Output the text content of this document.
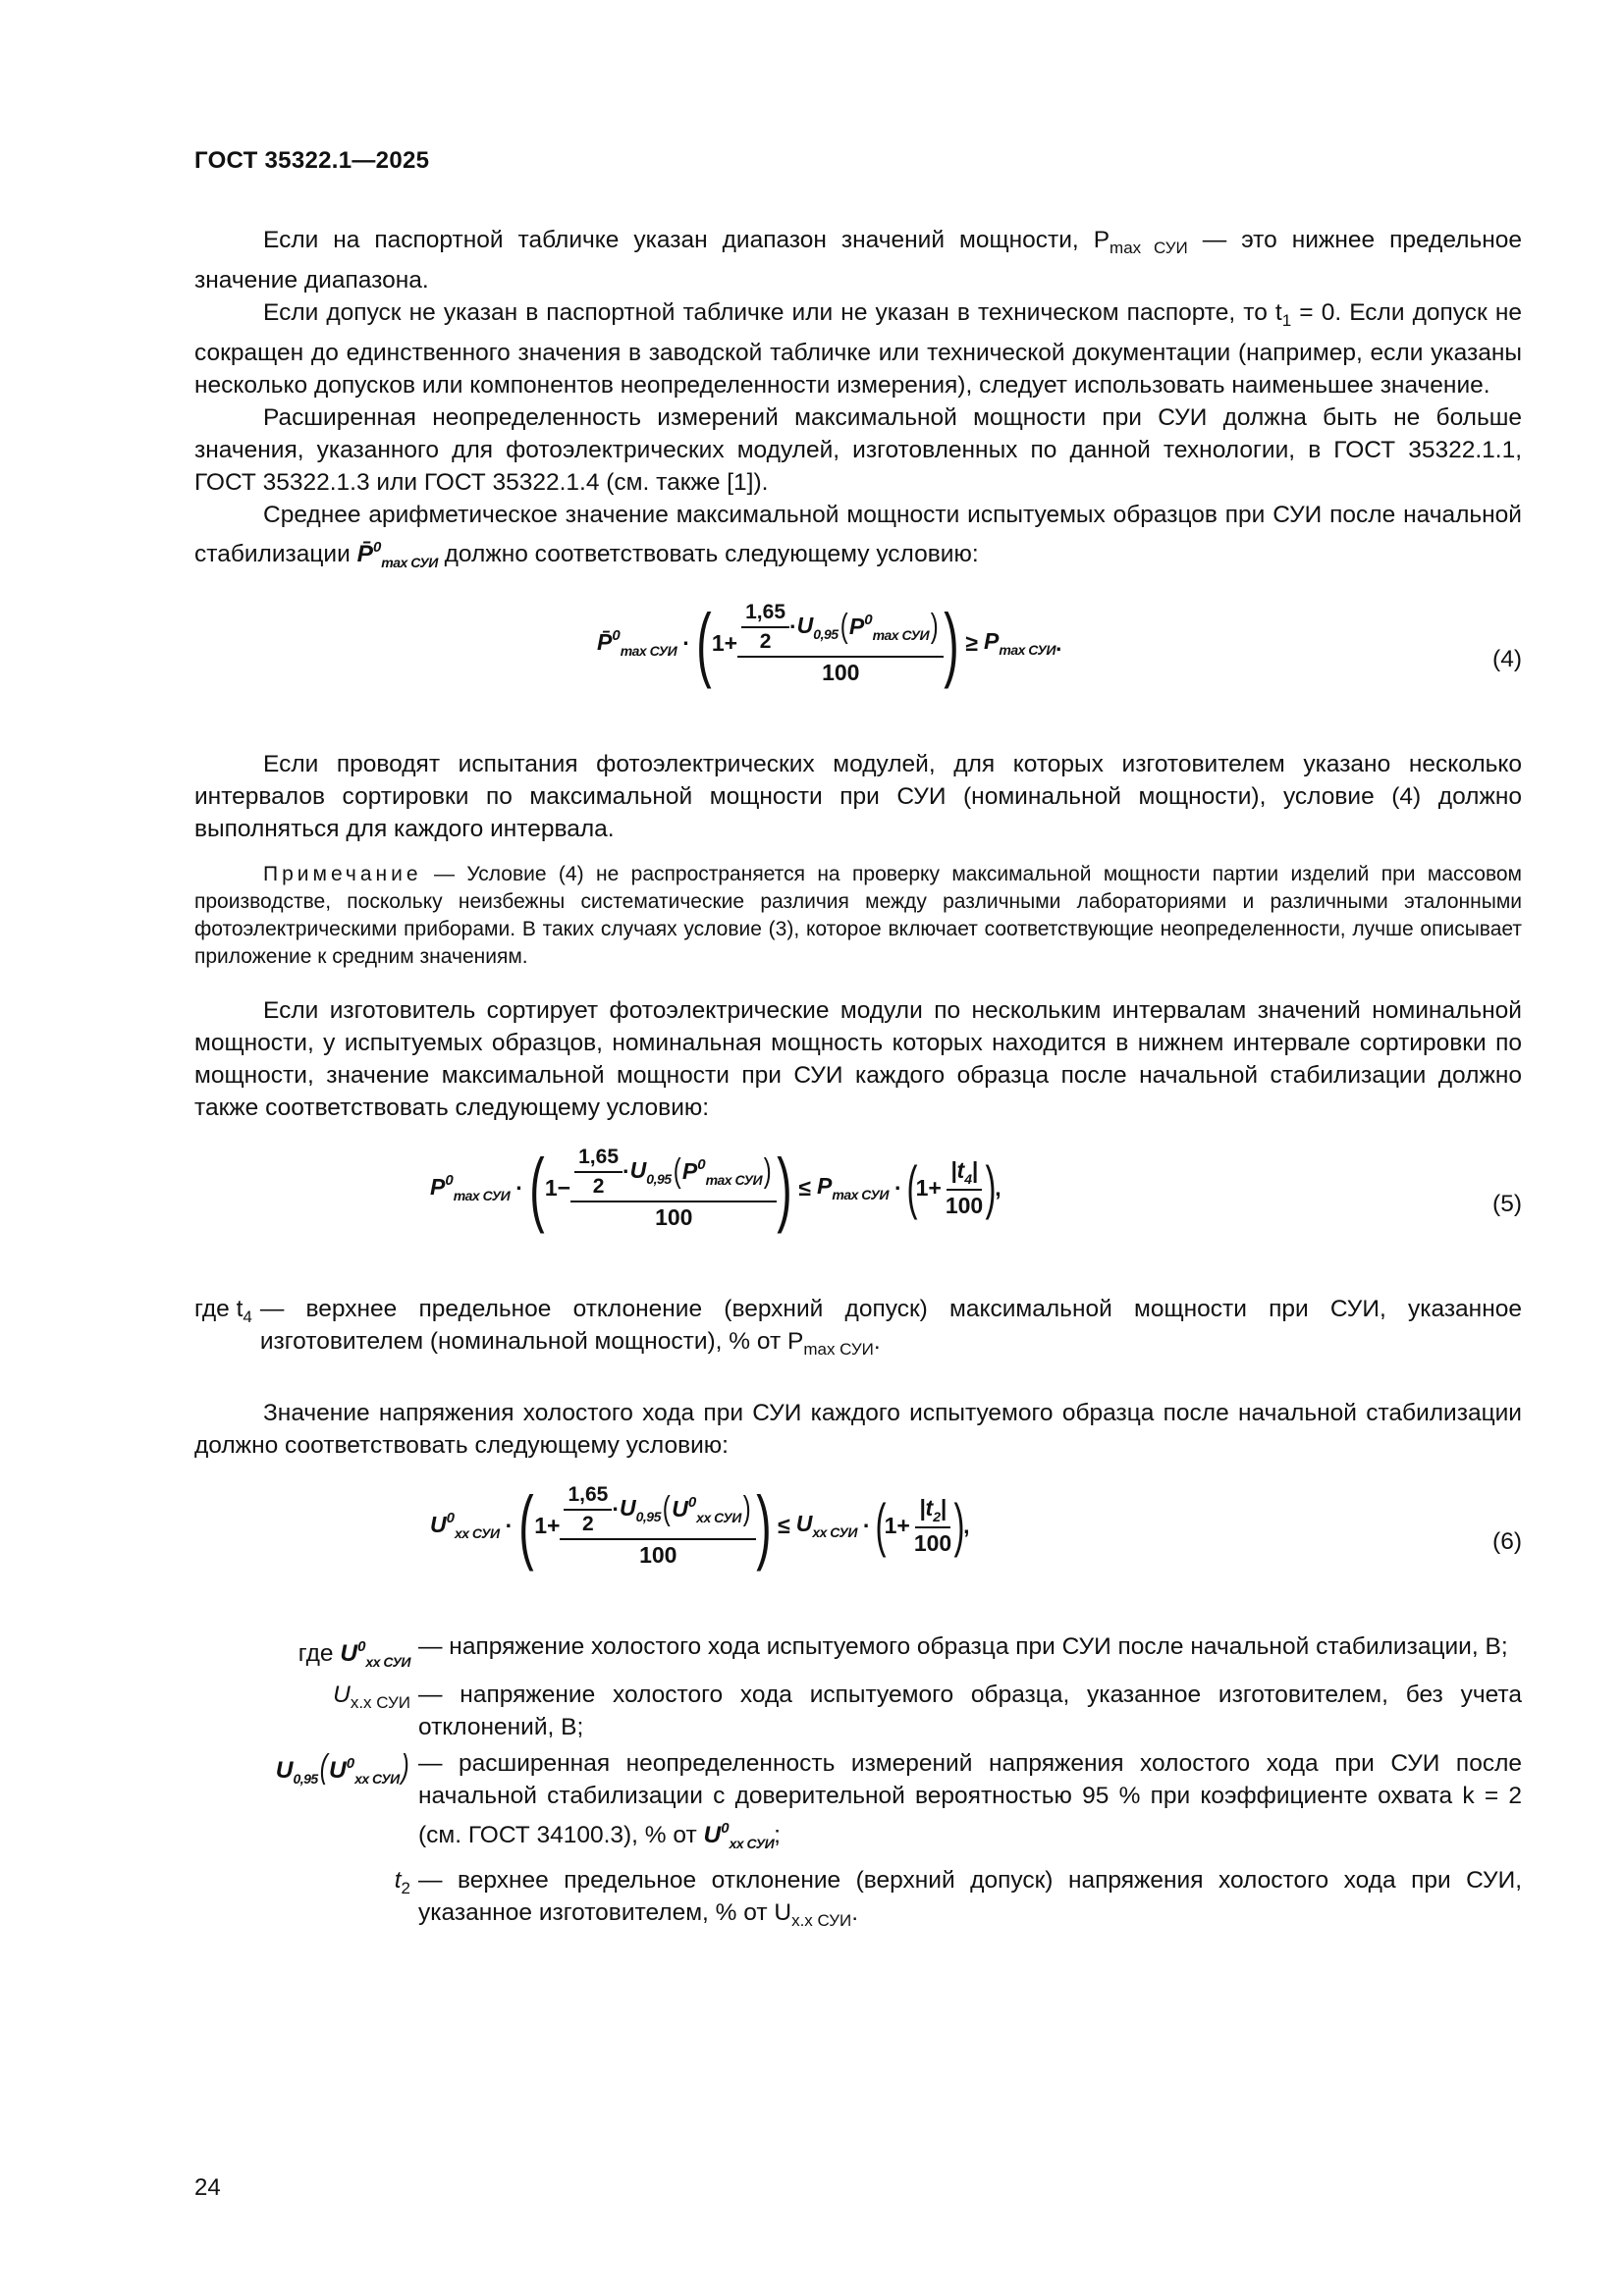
ГОСТ 35322.1—2025

Если на паспортной табличке указан диапазон значений мощности, $P_{max СУИ}$ — это нижнее предельное значение диапазона.

Если допуск не указан в паспортной табличке или не указан в техническом паспорте, то $t_1 = 0$. Если допуск не сокращен до единственного значения в заводской табличке или технической документации (например, если указаны несколько допусков или компонентов неопределенности измерения), следует использовать наименьшее значение.

Расширенная неопределенность измерений максимальной мощности при СУИ должна быть не больше значения, указанного для фотоэлектрических модулей, изготовленных по данной технологии, в ГОСТ 35322.1.1, ГОСТ 35322.1.3 или ГОСТ 35322.1.4 (см. также [1]).

Среднее арифметическое значение максимальной мощности испытуемых образцов при СУИ после начальной стабилизации P̄$^0_{max СУИ}$ должно соответствовать следующему условию:

P̄$^0_{max СУИ}$ · ( $1+ \frac{1,65}{2} \cdot U_{0,95}$ ( $P^0_{max СУИ}$ )
100 ) ≥ $P_{max СУИ}$ .
(4)

Если проводят испытания фотоэлектрических модулей, для которых изготовителем указано несколько интервалов сортировки по максимальной мощности при СУИ (номинальной мощности), условие (4) должно выполняться для каждого интервала.

Примечание — Условие (4) не распространяется на проверку максимальной мощности партии изделий при массовом производстве, поскольку неизбежны систематические различия между различными лабораториями и различными эталонными фотоэлектрическими приборами. В таких случаях условие (3), которое включает соответствующие неопределенности, лучше описывает приложение к средним значениям.

Если изготовитель сортирует фотоэлектрические модули по нескольким интервалам значений номинальной мощности, у испытуемых образцов, номинальная мощность которых находится в нижнем интервале сортировки по мощности, значение максимальной мощности при СУИ каждого образца после начальной стабилизации должно также соответствовать следующему условию:

$P^0_{max СУИ}$ · ( $1- \frac{1,65}{2} \cdot U_{0,95}$ ( $P^0_{max СУИ}$ )
100 ) ≤ $P_{max СУИ}$ · (
$1+ \frac{|t_4|}{100}$
)
,
(5)
где $t_4$ — верхнее предельное отклонение (верхний допуск) максимальной мощности при СУИ, указанное изготовителем (номинальной мощности), % от $P_{max СУИ}$.

Значение напряжения холостого хода при СУИ каждого испытуемого образца после начальной стабилизации должно соответствовать следующему условию:

$U^0_{хх СУИ}$ · ( $1+ \frac{\frac{1,65}{2} \cdot U_{0,95} ( U^0_{хх СУИ} )}{100}$ ) ≤ $U_{хх СУИ}$ · (
$1+ \frac{|t_2|}{100}$
)
,
(6)
где $U^0_{хх СУИ}$
— напряжение холостого хода испытуемого образца при СУИ после начальной стабилизации, В;
$U_{х.х СУИ}$ — напряжение холостого хода испытуемого образца, указанное изготовителем, без учета отклонений, В;
$U_{0,95}(U^0_{хх СУИ})$ — расширенная неопределенность измерений напряжения холостого хода при СУИ после начальной стабилизации с доверительной вероятностью 95 % при коэффициенте охвата k = 2 (см. ГОСТ 34100.3), % от $U^0_{хх СУИ}$;
$t_2$ — верхнее предельное отклонение (верхний допуск) напряжения холостого хода при СУИ, указанное изготовителем, % от $U_{х.х СУИ}$.
24
